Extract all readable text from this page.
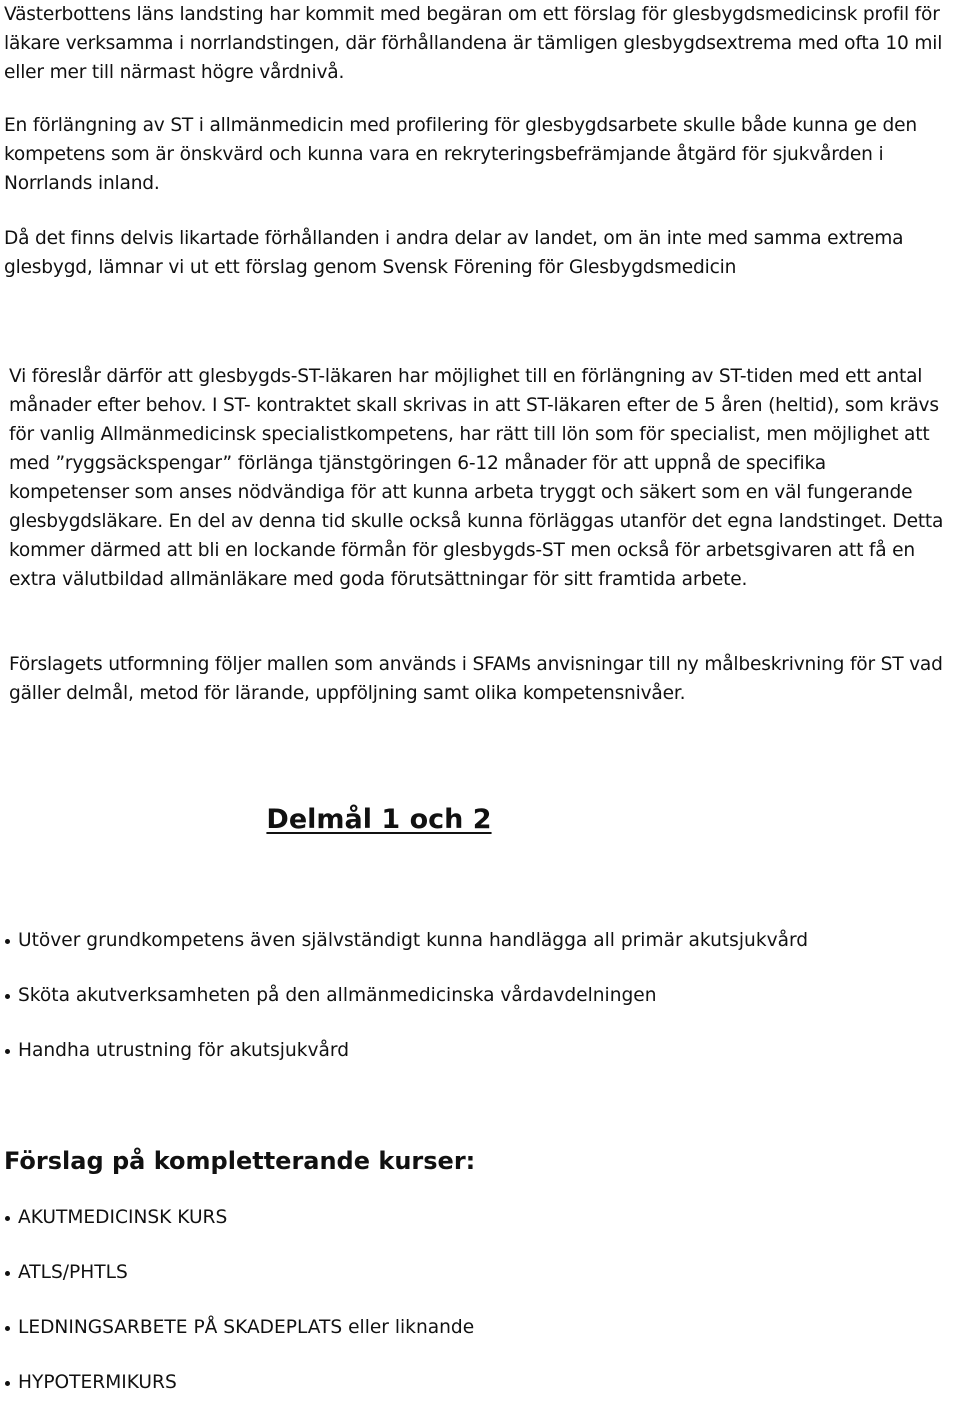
Västerbottens läns landsting har kommit med begäran om ett förslag för glesbygdsmedicinsk profil för läkare verksamma i norrlandstingen, där förhållandena är tämligen glesbygdsextrema med ofta 10 mil eller mer till närmast högre vårdnivå.

En förlängning av ST i allmänmedicin med profilering för glesbygdsarbete skulle både kunna ge den kompetens som är önskvärd och kunna vara en rekryteringsbefrämjande åtgärd för sjukvården i Norrlands inland.

Då det finns delvis likartade förhållanden i andra delar av landet, om än inte med samma extrema glesbygd, lämnar vi ut ett förslag genom Svensk Förening för Glesbygdsmedicin

Vi föreslår därför att glesbygds-ST-läkaren har möjlighet till en förlängning av ST-tiden med ett antal månader efter behov. I ST- kontraktet skall skrivas in att ST-läkaren efter de 5 åren (heltid), som krävs för vanlig Allmänmedicinsk specialistkompetens, har rätt till lön som för specialist, men möjlighet att med ”ryggsäckspengar” förlänga tjänstgöringen 6-12 månader för att uppnå de specifika kompetenser som anses nödvändiga för att kunna arbeta tryggt och säkert som en väl fungerande glesbygdsläkare. En del av denna tid skulle också kunna förläggas utanför det egna landstinget. Detta kommer därmed att bli en lockande förmån för glesbygds-ST men också för arbetsgivaren att få en extra välutbildad allmänläkare med goda förutsättningar för sitt framtida arbete.

Förslagets utformning följer mallen som används i SFAMs anvisningar till ny målbeskrivning för ST vad gäller delmål, metod för lärande, uppföljning samt olika kompetensnivåer.

Delmål 1 och 2
Utöver grundkompetens även självständigt kunna handlägga all primär akutsjukvård
Sköta akutverksamheten på den allmänmedicinska vårdavdelningen
Handha utrustning för akutsjukvård
Förslag på kompletterande kurser:
AKUTMEDICINSK KURS
ATLS/PHTLS
LEDNINGSARBETE PÅ SKADEPLATS eller liknande
HYPOTERMIKURS
